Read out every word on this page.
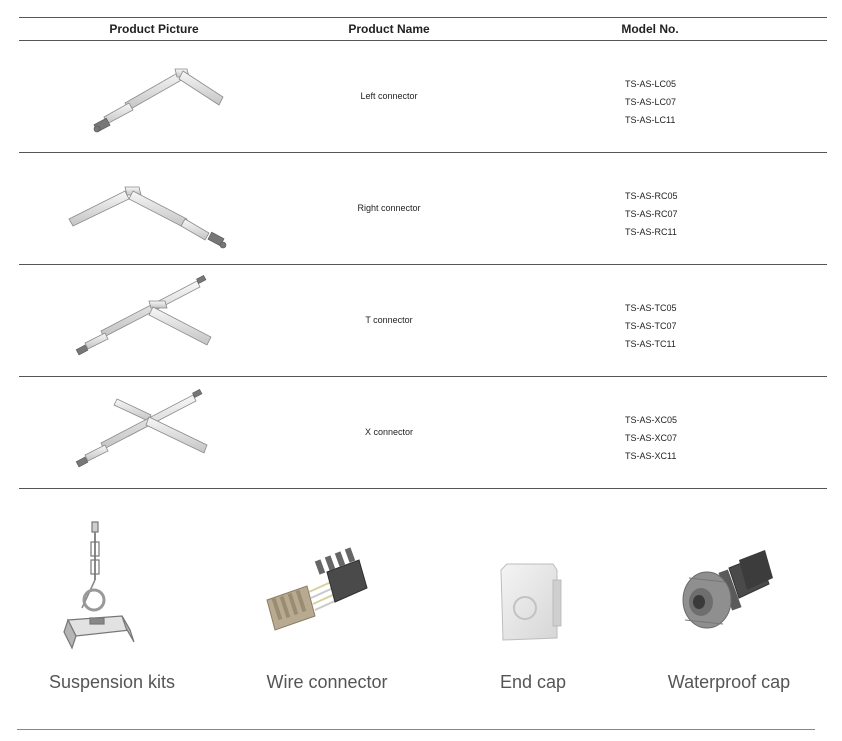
Product Picture	Product Name	Model No.
Left connector
TS-AS-LC05
TS-AS-LC07
TS-AS-LC11
Right connector
TS-AS-RC05
TS-AS-RC07
TS-AS-RC11
T connector
TS-AS-TC05
TS-AS-TC07
TS-AS-TC11
X connector
TS-AS-XC05
TS-AS-XC07
TS-AS-XC11
Suspension kits	Wire connector	End cap	Waterproof cap
